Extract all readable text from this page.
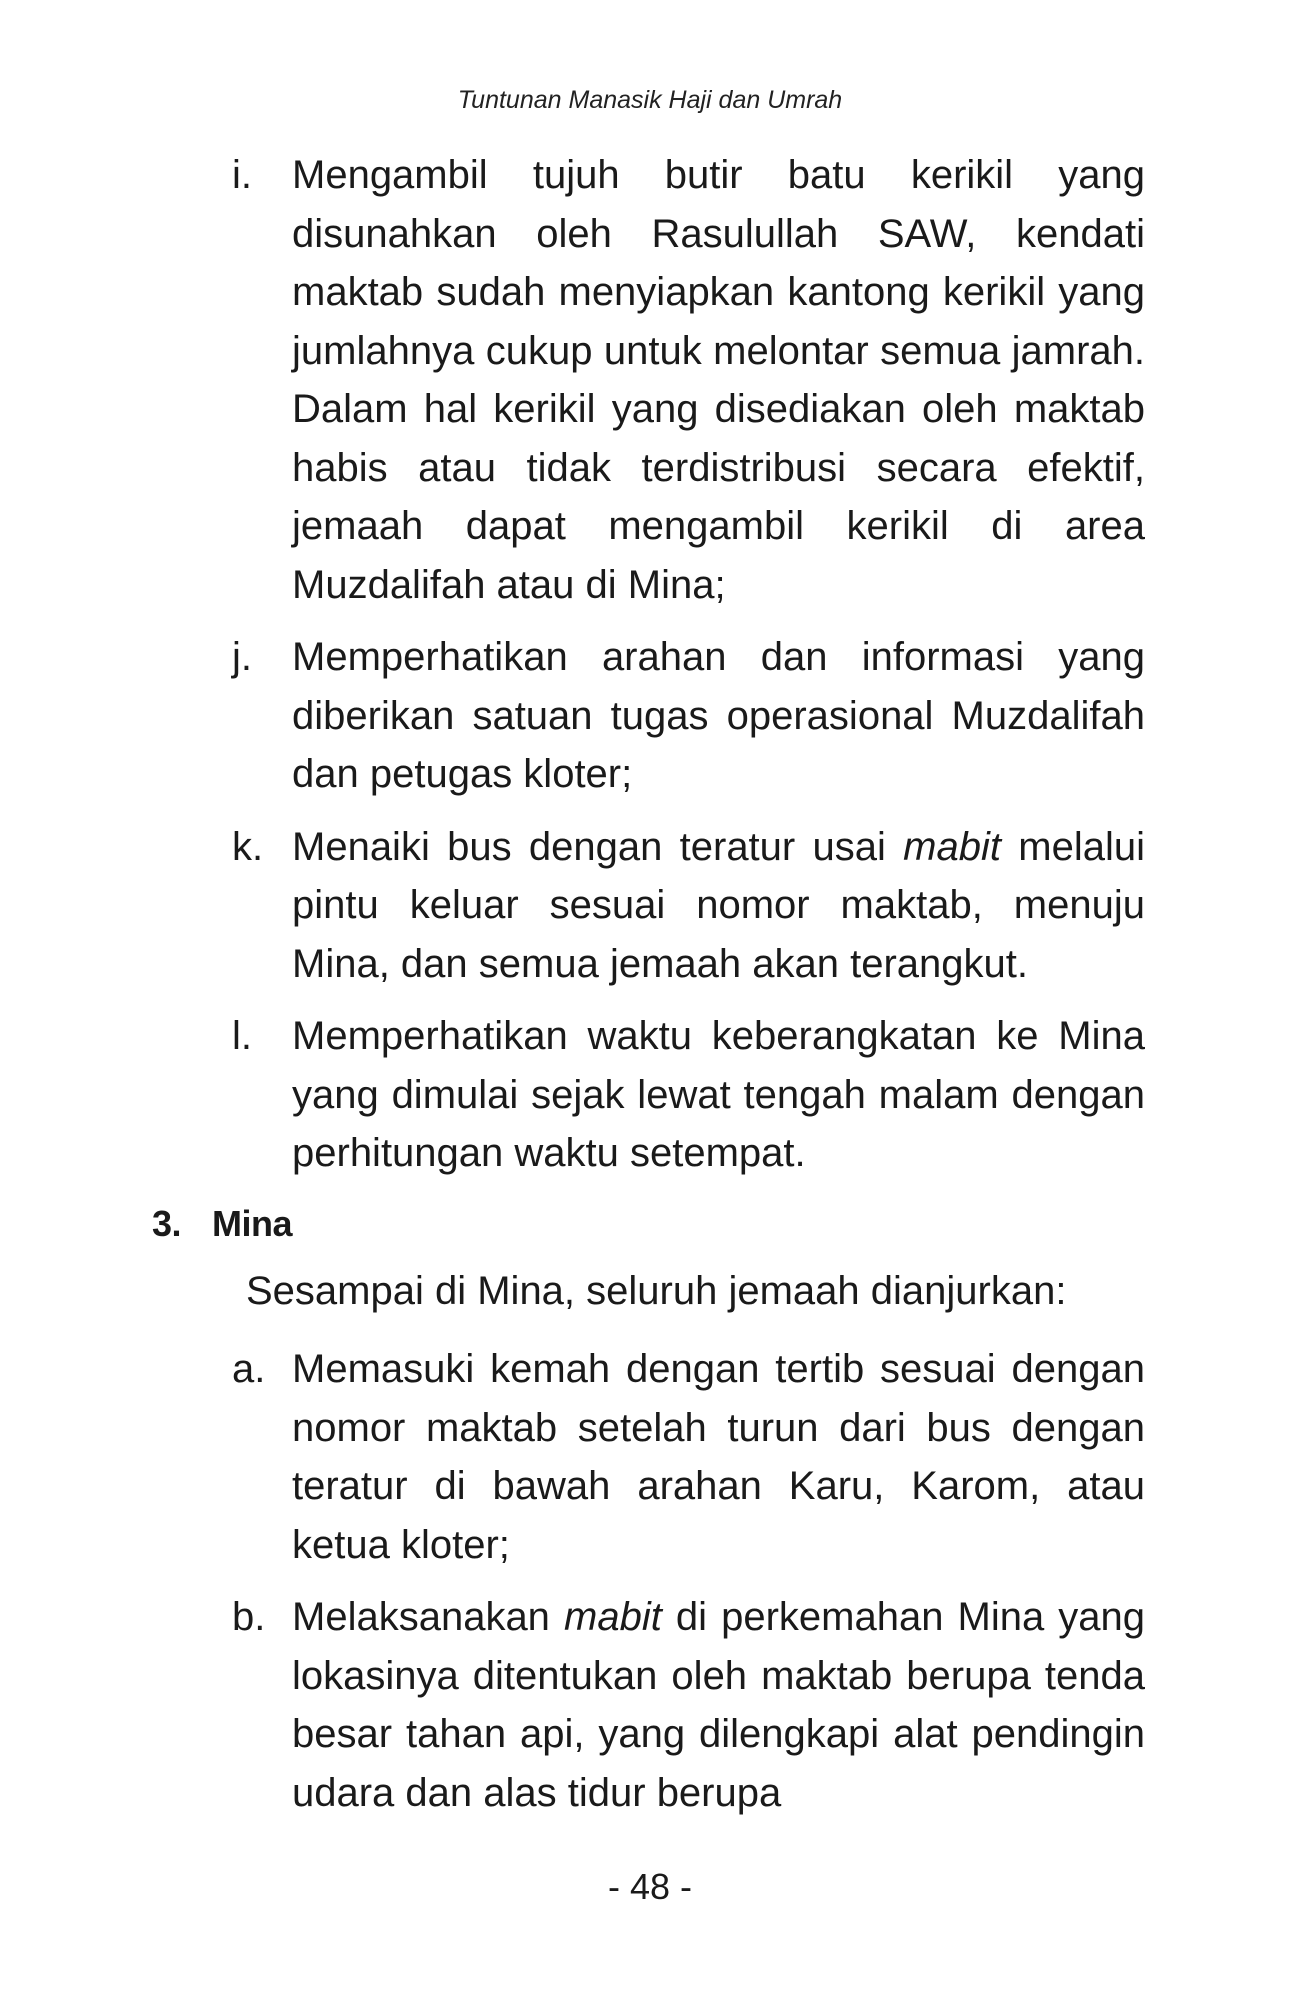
Tuntunan Manasik Haji dan Umrah
i. Mengambil tujuh butir batu kerikil yang disunahkan oleh Rasulullah SAW, kendati maktab sudah menyiapkan kantong kerikil yang jumlahnya cukup untuk melontar semua jamrah. Dalam hal kerikil yang disediakan oleh maktab habis atau tidak terdistribusi secara efektif, jemaah dapat mengambil kerikil di area Muzdalifah atau di Mina;
j. Memperhatikan arahan dan informasi yang diberikan satuan tugas operasional Muzdalifah dan petugas kloter;
k. Menaiki bus dengan teratur usai mabit melalui pintu keluar sesuai nomor maktab, menuju Mina, dan semua jemaah akan terangkut.
l. Memperhatikan waktu keberangkatan ke Mina yang dimulai sejak lewat tengah malam dengan perhitungan waktu setempat.
3. Mina
Sesampai di Mina, seluruh jemaah dianjurkan:
a. Memasuki kemah dengan tertib sesuai dengan nomor maktab setelah turun dari bus dengan teratur di bawah arahan Karu, Karom, atau ketua kloter;
b. Melaksanakan mabit di perkemahan Mina yang lokasinya ditentukan oleh maktab berupa tenda besar tahan api, yang dilengkapi alat pendingin udara dan alas tidur berupa
- 48 -
